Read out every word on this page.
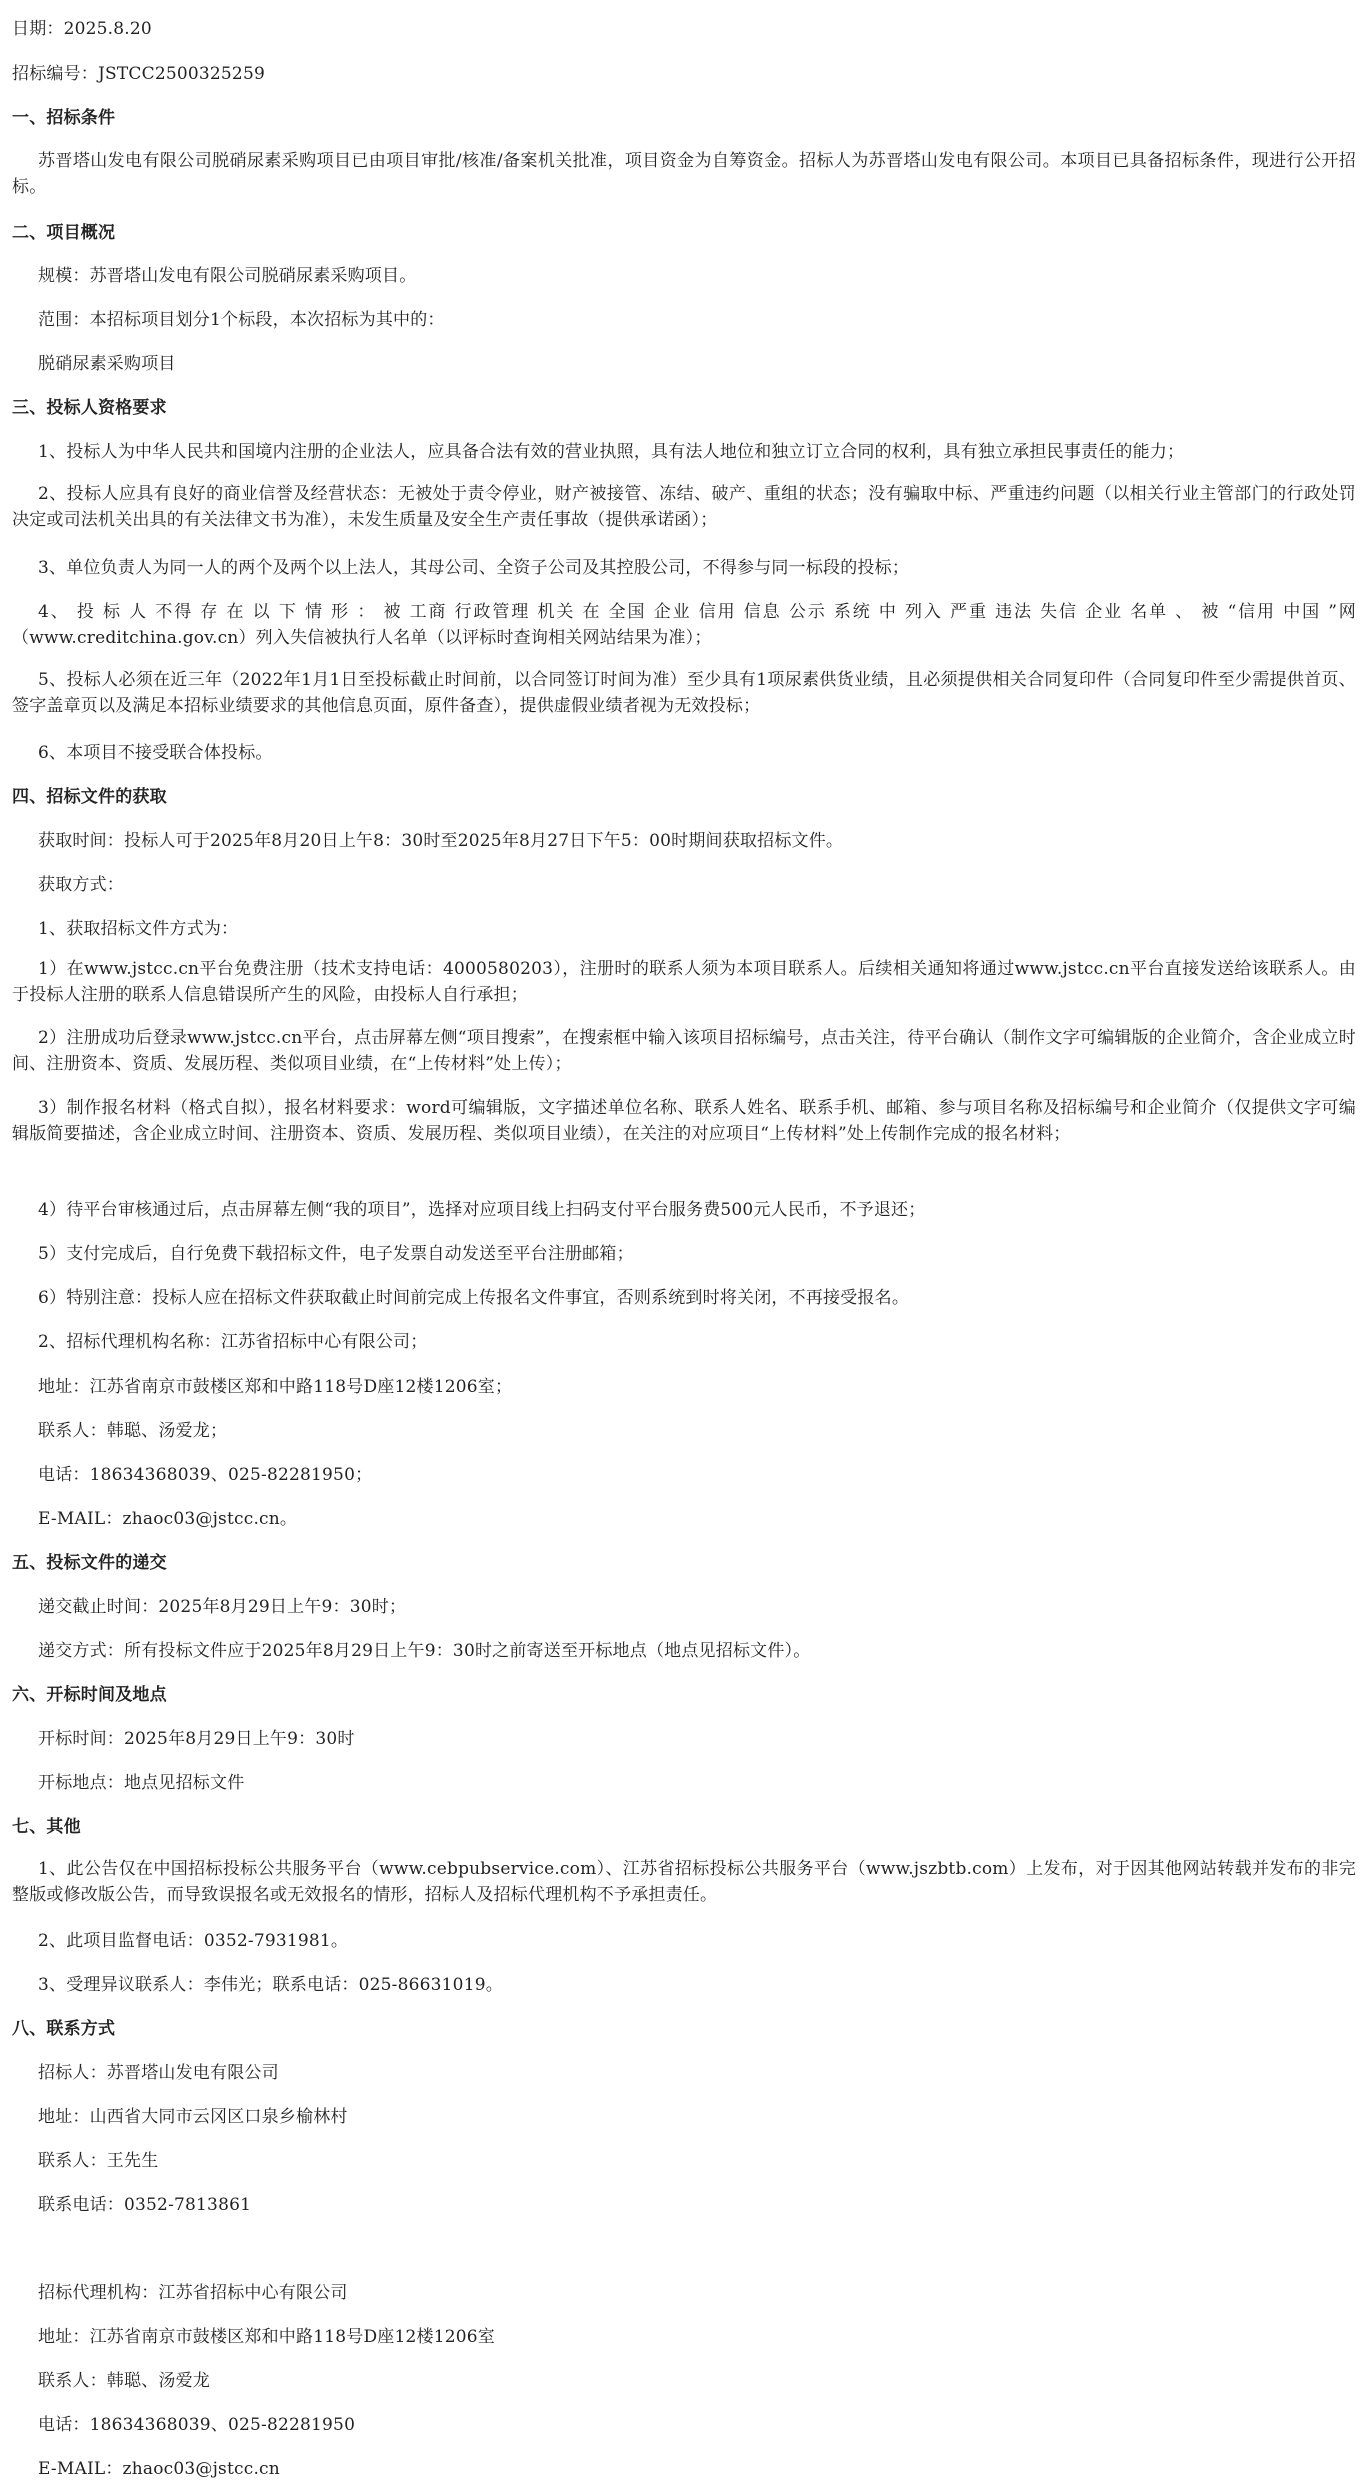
日期：2025.8.20
招标编号：JSTCC2500325259
一、招标条件
苏晋塔山发电有限公司脱硝尿素采购项目已由项目审批/核准/备案机关批准，项目资金为自筹资金。招标人为苏晋塔山发电有限公司。本项目已具备招标条件，现进行公开招标。
二、项目概况
规模：苏晋塔山发电有限公司脱硝尿素采购项目。
范围：本招标项目划分1个标段，本次招标为其中的：
脱硝尿素采购项目
三、投标人资格要求
1、投标人为中华人民共和国境内注册的企业法人，应具备合法有效的营业执照，具有法人地位和独立订立合同的权利，具有独立承担民事责任的能力；
2、投标人应具有良好的商业信誉及经营状态：无被处于责令停业，财产被接管、冻结、破产、重组的状态；没有骗取中标、严重违约问题（以相关行业主管部门的行政处罚决定或司法机关出具的有关法律文书为准），未发生质量及安全生产责任事故（提供承诺函）；
3、单位负责人为同一人的两个及两个以上法人，其母公司、全资子公司及其控股公司，不得参与同一标段的投标；
4、 投 标 人 不得 存 在 以 下 情 形 ： 被 工商 行政管理 机关 在 全国 企业 信用 信息 公示 系统 中 列入 严重 违法 失信 企业 名单 、 被 “信用 中国 ”网（www.creditchina.gov.cn）列入失信被执行人名单（以评标时查询相关网站结果为准）；
5、投标人必须在近三年（2022年1月1日至投标截止时间前，以合同签订时间为准）至少具有1项尿素供货业绩，且必须提供相关合同复印件（合同复印件至少需提供首页、签字盖章页以及满足本招标业绩要求的其他信息页面，原件备查），提供虚假业绩者视为无效投标；
6、本项目不接受联合体投标。
四、招标文件的获取
获取时间：投标人可于2025年8月20日上午8：30时至2025年8月27日下午5：00时期间获取招标文件。
获取方式：
1、获取招标文件方式为：
1）在www.jstcc.cn平台免费注册（技术支持电话：4000580203），注册时的联系人须为本项目联系人。后续相关通知将通过www.jstcc.cn平台直接发送给该联系人。由于投标人注册的联系人信息错误所产生的风险，由投标人自行承担；
2）注册成功后登录www.jstcc.cn平台，点击屏幕左侧“项目搜索”，在搜索框中输入该项目招标编号，点击关注，待平台确认（制作文字可编辑版的企业简介，含企业成立时间、注册资本、资质、发展历程、类似项目业绩，在“上传材料”处上传）；
3）制作报名材料（格式自拟），报名材料要求：word可编辑版，文字描述单位名称、联系人姓名、联系手机、邮箱、参与项目名称及招标编号和企业简介（仅提供文字可编辑版简要描述，含企业成立时间、注册资本、资质、发展历程、类似项目业绩），在关注的对应项目“上传材料”处上传制作完成的报名材料；
4）待平台审核通过后，点击屏幕左侧“我的项目”，选择对应项目线上扫码支付平台服务费500元人民币，不予退还；
5）支付完成后，自行免费下载招标文件，电子发票自动发送至平台注册邮箱；
6）特别注意：投标人应在招标文件获取截止时间前完成上传报名文件事宜，否则系统到时将关闭，不再接受报名。
2、招标代理机构名称：江苏省招标中心有限公司；
地址：江苏省南京市鼓楼区郑和中路118号D座12楼1206室；
联系人：韩聪、汤爱龙；
电话：18634368039、025-82281950；
E-MAIL：zhaoc03@jstcc.cn。
五、投标文件的递交
递交截止时间：2025年8月29日上午9：30时；
递交方式：所有投标文件应于2025年8月29日上午9：30时之前寄送至开标地点（地点见招标文件）。
六、开标时间及地点
开标时间：2025年8月29日上午9：30时
开标地点：地点见招标文件
七、其他
1、此公告仅在中国招标投标公共服务平台（www.cebpubservice.com）、江苏省招标投标公共服务平台（www.jszbtb.com）上发布，对于因其他网站转载并发布的非完整版或修改版公告，而导致误报名或无效报名的情形，招标人及招标代理机构不予承担责任。
2、此项目监督电话：0352-7931981。
3、受理异议联系人：李伟光；联系电话：025-86631019。
八、联系方式
招标人：苏晋塔山发电有限公司
地址：山西省大同市云冈区口泉乡榆林村
联系人：王先生
联系电话：0352-7813861
招标代理机构：江苏省招标中心有限公司
地址：江苏省南京市鼓楼区郑和中路118号D座12楼1206室
联系人：韩聪、汤爱龙
电话：18634368039、025-82281950
E-MAIL：zhaoc03@jstcc.cn
